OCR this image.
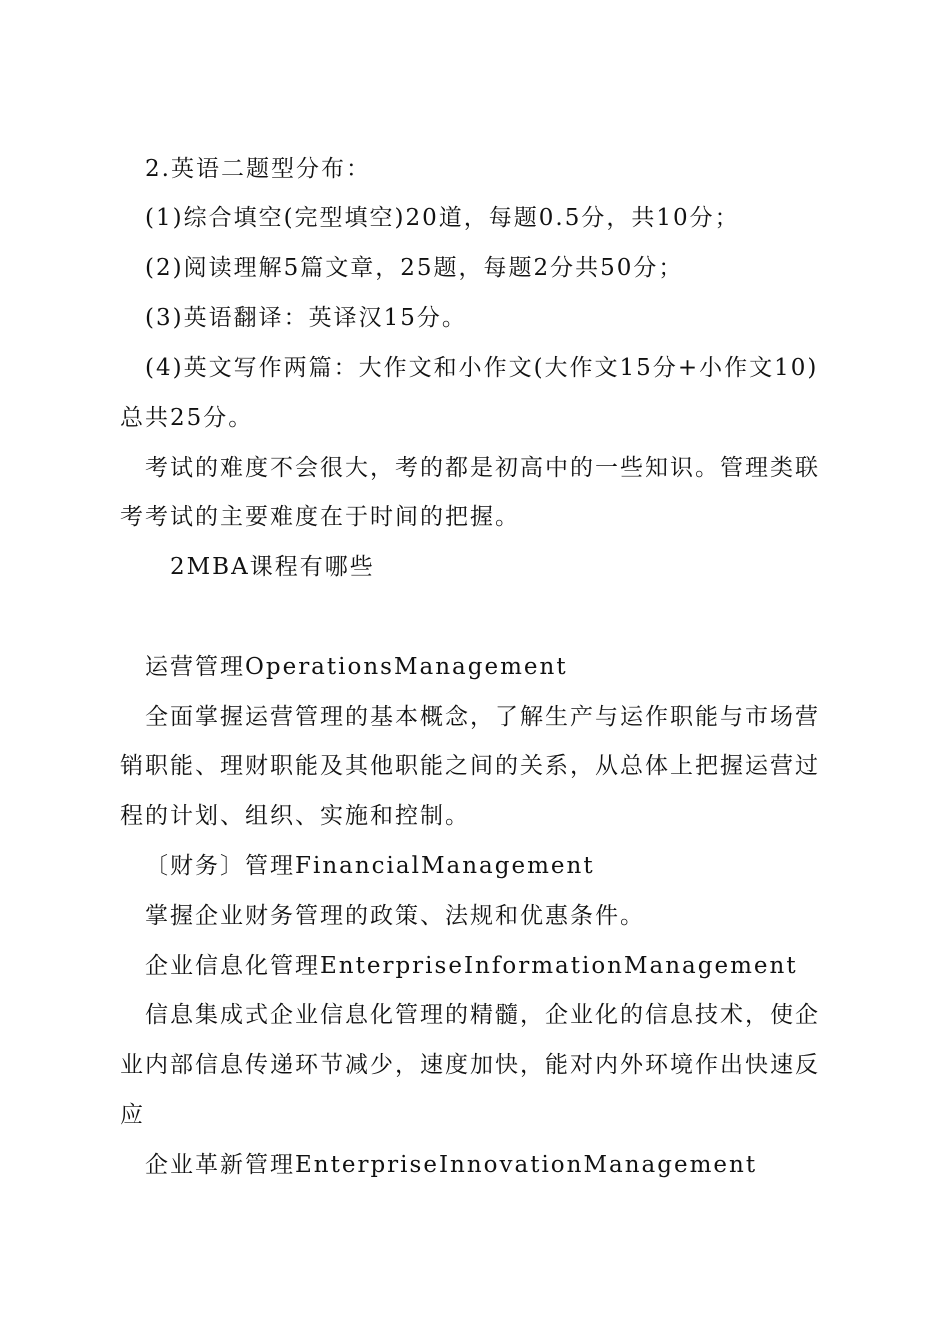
2.英语二题型分布：
(1)综合填空(完型填空)20道，每题0.5分，共10分；
(2)阅读理解5篇文章，25题，每题2分共50分；
(3)英语翻译：英译汉15分。
(4)英文写作两篇：大作文和小作文(大作文15分+小作文10)
总共25分。
考试的难度不会很大，考的都是初高中的一些知识。管理类联
考考试的主要难度在于时间的把握。
2MBA课程有哪些
运营管理OperationsManagement
全面掌握运营管理的基本概念，了解生产与运作职能与市场营
销职能、理财职能及其他职能之间的关系，从总体上把握运营过
程的计划、组织、实施和控制。
〔财务〕管理FinancialManagement
掌握企业财务管理的政策、法规和优惠条件。
企业信息化管理EnterpriseInformationManagement
信息集成式企业信息化管理的精髓，企业化的信息技术，使企
业内部信息传递环节减少，速度加快，能对内外环境作出快速反
应
企业革新管理EnterpriseInnovationManagement
